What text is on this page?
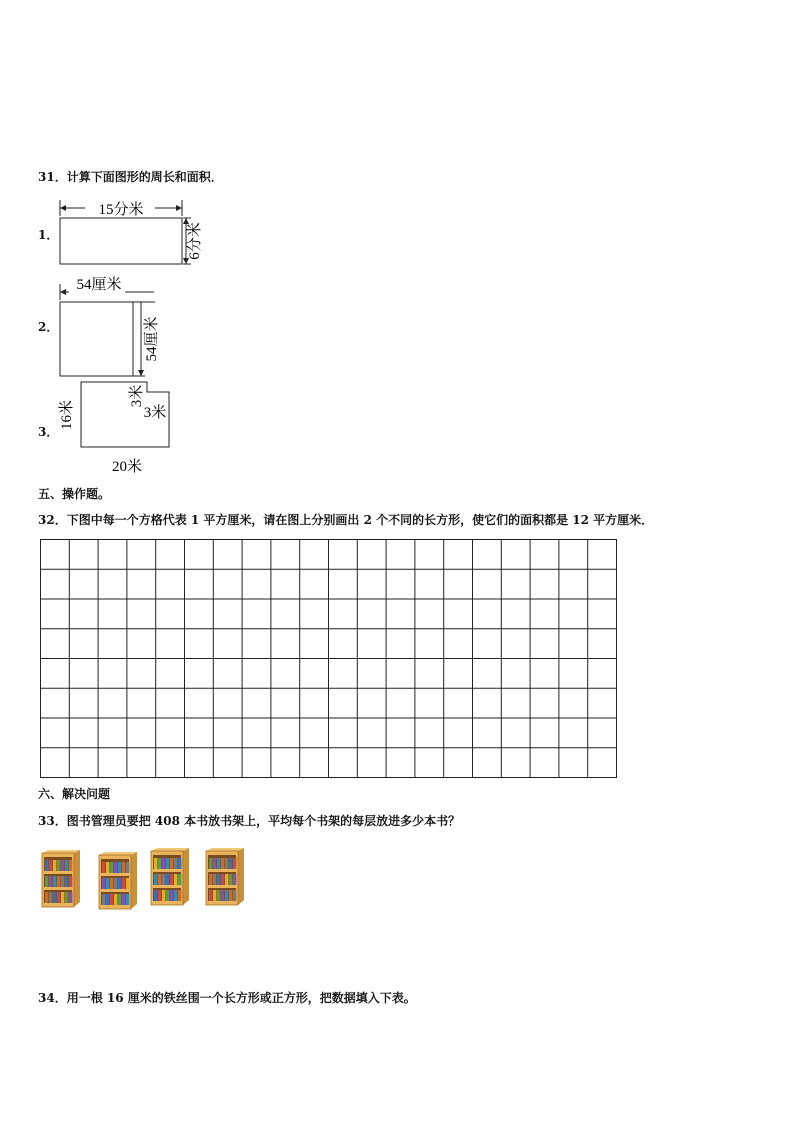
31．计算下面图形的周长和面积．
1．
15分米
6分米
2．
54厘米
54厘米
3．
16米
3米
3米
20米
五、操作题。
32．下图中每一个方格代表 1 平方厘米，请在图上分别画出 2 个不同的长方形，使它们的面积都是 12 平方厘米．
六、解决问题
33．图书管理员要把 408 本书放书架上，平均每个书架的每层放进多少本书？
34．用一根 16 厘米的铁丝围一个长方形或正方形，把数据填入下表。
